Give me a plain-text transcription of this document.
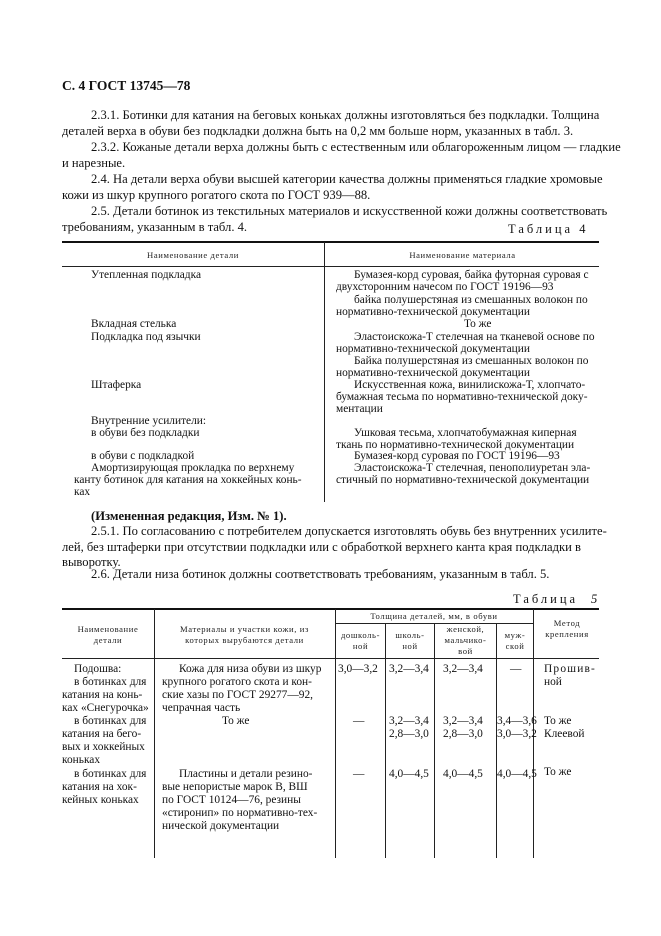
С. 4 ГОСТ 13745—78
2.3.1. Ботинки для катания на беговых коньках должны изготовляться без подкладки. Толщина
деталей верха в обуви без подкладки должна быть на 0,2 мм больше норм, указанных в табл. 3.
2.3.2. Кожаные детали верха должны быть с естественным или облагороженным лицом — гладкие
и нарезные.
2.4. На детали верха обуви высшей категории качества должны применяться гладкие хромовые
кожи из шкур крупного рогатого скота по ГОСТ 939—88.
2.5. Детали ботинок из текстильных материалов и искусственной кожи должны соответствовать
требованиям, указанным в табл. 4.	Таблица 4
Наименование детали	Наименование материала
Утепленная подкладка
Вкладная стелька
Подкладка под язычки
Штаферка
Внутренние усилители:
в обуви без подкладки
в обуви с подкладкой
Амортизирующая прокладка по верхнему
канту ботинок для катания на хоккейных конь-
ках
Бумазея-корд суровая, байка футорная суровая с
двухсторонним начесом по ГОСТ 19196—93
байка полушерстяная из смешанных волокон по
нормативно-технической документации
То же
Эластоискожа-Т стелечная на тканевой основе по
нормативно-технической документации
Байка полушерстяная из смешанных волокон по
нормативно-технической документации
Искусственная кожа, винилискожа-Т, хлопчато-
бумажная тесьма по нормативно-технической доку-
ментации
Ушковая тесьма, хлопчатобумажная киперная
ткань по нормативно-технической документации
Бумазея-корд суровая по ГОСТ 19196—93
Эластоискожа-Т стелечная, пенополиуретан эла-
стичный по нормативно-технической документации
(Измененная редакция, Изм. № 1).
2.5.1. По согласованию с потребителем допускается изготовлять обувь без внутренних усилите-
лей, без штаферки при отсутствии подкладки или с обработкой верхнего канта края подкладки в
выворотку.
2.6. Детали низа ботинок должны соответствовать требованиям, указанным в табл. 5.
Таблица 5
Наименование
детали
Материалы и участки кожи, из
которых вырубаются детали
Толщина деталей, мм, в обуви
дошколь-
ной
школь-
ной
женской,
мальчико-
вой
муж-
ской
Метод
крепления
Подошва:
в ботинках для
катания на конь-
ках «Снегурочка»
в ботинках для
катания на бего-
вых и хоккейных
коньках
в ботинках для
катания на хок-
кейных коньках
Кожа для низа обуви из шкур
крупного рогатого скота и кон-
ские хазы по ГОСТ 29277—92,
чепрачная часть
То же
Пластины и детали резино-
вые непористые марок В, ВШ
по ГОСТ 10124—76, резины
«стиронип» по нормативно-тех-
нической документации
3,0—3,2 3,2—3,4 3,2—3,4 — Прошив-
ной
— 3,2—3,4
2,8—3,0
3,2—3,4
2,8—3,0
3,4—3,6
3,0—3,2
То же
Клеевой
— 4,0—4,5 4,0—4,5 4,0—4,5 То же
